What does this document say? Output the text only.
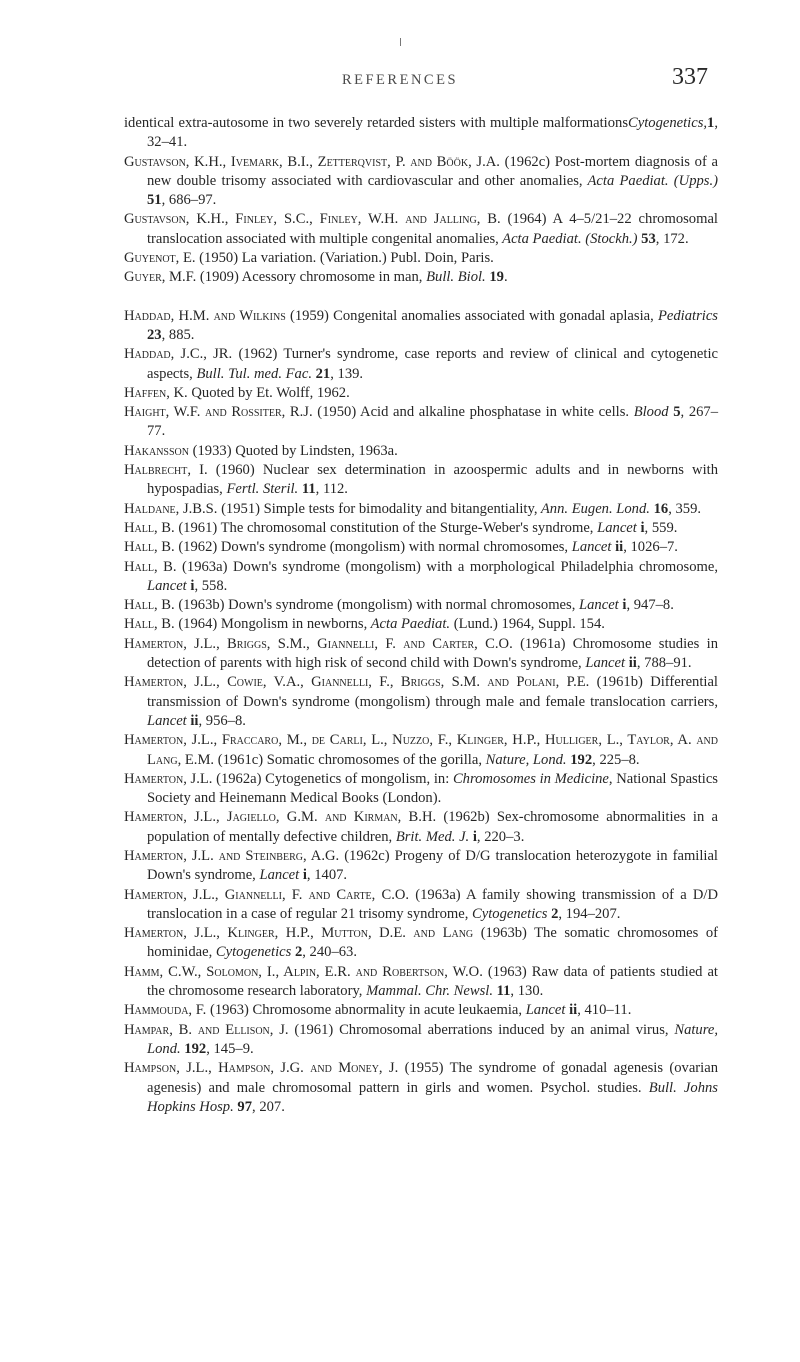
REFERENCES	337

identical extra-autosome in two severely retarded sisters with multiple malformationsCytogenetics,1, 32–41.

Gustavson, K.H., Ivemark, B.I., Zetterqvist, P. and Böök, J.A. (1962c) Post-mortem diagnosis of a new double trisomy associated with cardiovascular and other anomalies, Acta Paediat. (Upps.) 51, 686–97.

Gustavson, K.H., Finley, S.C., Finley, W.H. and Jalling, B. (1964) A 4–5/21–22 chromosomal translocation associated with multiple congenital anomalies, Acta Paediat. (Stockh.) 53, 172.

Guyenot, E. (1950) La variation. (Variation.) Publ. Doin, Paris.

Guyer, M.F. (1909) Acessory chromosome in man, Bull. Biol. 19.

Haddad, H.M. and Wilkins (1959) Congenital anomalies associated with gonadal aplasia, Pediatrics 23, 885.

Haddad, J.C., JR. (1962) Turner's syndrome, case reports and review of clinical and cytogenetic aspects, Bull. Tul. med. Fac. 21, 139.

Haffen, K. Quoted by Et. Wolff, 1962.

Haight, W.F. and Rossiter, R.J. (1950) Acid and alkaline phosphatase in white cells. Blood 5, 267–77.

Hakansson (1933) Quoted by Lindsten, 1963a.

Halbrecht, I. (1960) Nuclear sex determination in azoospermic adults and in newborns with hypospadias, Fertl. Steril. 11, 112.

Haldane, J.B.S. (1951) Simple tests for bimodality and bitangentiality, Ann. Eugen. Lond. 16, 359.

Hall, B. (1961) The chromosomal constitution of the Sturge-Weber's syndrome, Lancet i, 559.

Hall, B. (1962) Down's syndrome (mongolism) with normal chromosomes, Lancet ii, 1026–7.

Hall, B. (1963a) Down's syndrome (mongolism) with a morphological Philadelphia chromosome, Lancet i, 558.

Hall, B. (1963b) Down's syndrome (mongolism) with normal chromosomes, Lancet i, 947–8.

Hall, B. (1964) Mongolism in newborns, Acta Paediat. (Lund.) 1964, Suppl. 154.

Hamerton, J.L., Briggs, S.M., Giannelli, F. and Carter, C.O. (1961a) Chromosome studies in detection of parents with high risk of second child with Down's syndrome, Lancet ii, 788–91.

Hamerton, J.L., Cowie, V.A., Giannelli, F., Briggs, S.M. and Polani, P.E. (1961b) Differential transmission of Down's syndrome (mongolism) through male and female translocation carriers, Lancet ii, 956–8.

Hamerton, J.L., Fraccaro, M., de Carli, L., Nuzzo, F., Klinger, H.P., Hulliger, L., Taylor, A. and Lang, E.M. (1961c) Somatic chromosomes of the gorilla, Nature, Lond. 192, 225–8.

Hamerton, J.L. (1962a) Cytogenetics of mongolism, in: Chromosomes in Medicine, National Spastics Society and Heinemann Medical Books (London).

Hamerton, J.L., Jagiello, G.M. and Kirman, B.H. (1962b) Sex-chromosome abnormalities in a population of mentally defective children, Brit. Med. J. i, 220–3.

Hamerton, J.L. and Steinberg, A.G. (1962c) Progeny of D/G translocation heterozygote in familial Down's syndrome, Lancet i, 1407.

Hamerton, J.L., Giannelli, F. and Carte, C.O. (1963a) A family showing transmission of a D/D translocation in a case of regular 21 trisomy syndrome, Cytogenetics 2, 194–207.

Hamerton, J.L., Klinger, H.P., Mutton, D.E. and Lang (1963b) The somatic chromosomes of hominidae, Cytogenetics 2, 240–63.

Hamm, C.W., Solomon, I., Alpin, E.R. and Robertson, W.O. (1963) Raw data of patients studied at the chromosome research laboratory, Mammal. Chr. Newsl. 11, 130.

Hammouda, F. (1963) Chromosome abnormality in acute leukaemia, Lancet ii, 410–11.

Hampar, B. and Ellison, J. (1961) Chromosomal aberrations induced by an animal virus, Nature, Lond. 192, 145–9.

Hampson, J.L., Hampson, J.G. and Money, J. (1955) The syndrome of gonadal agenesis (ovarian agenesis) and male chromosomal pattern in girls and women. Psychol. studies. Bull. Johns Hopkins Hosp. 97, 207.
